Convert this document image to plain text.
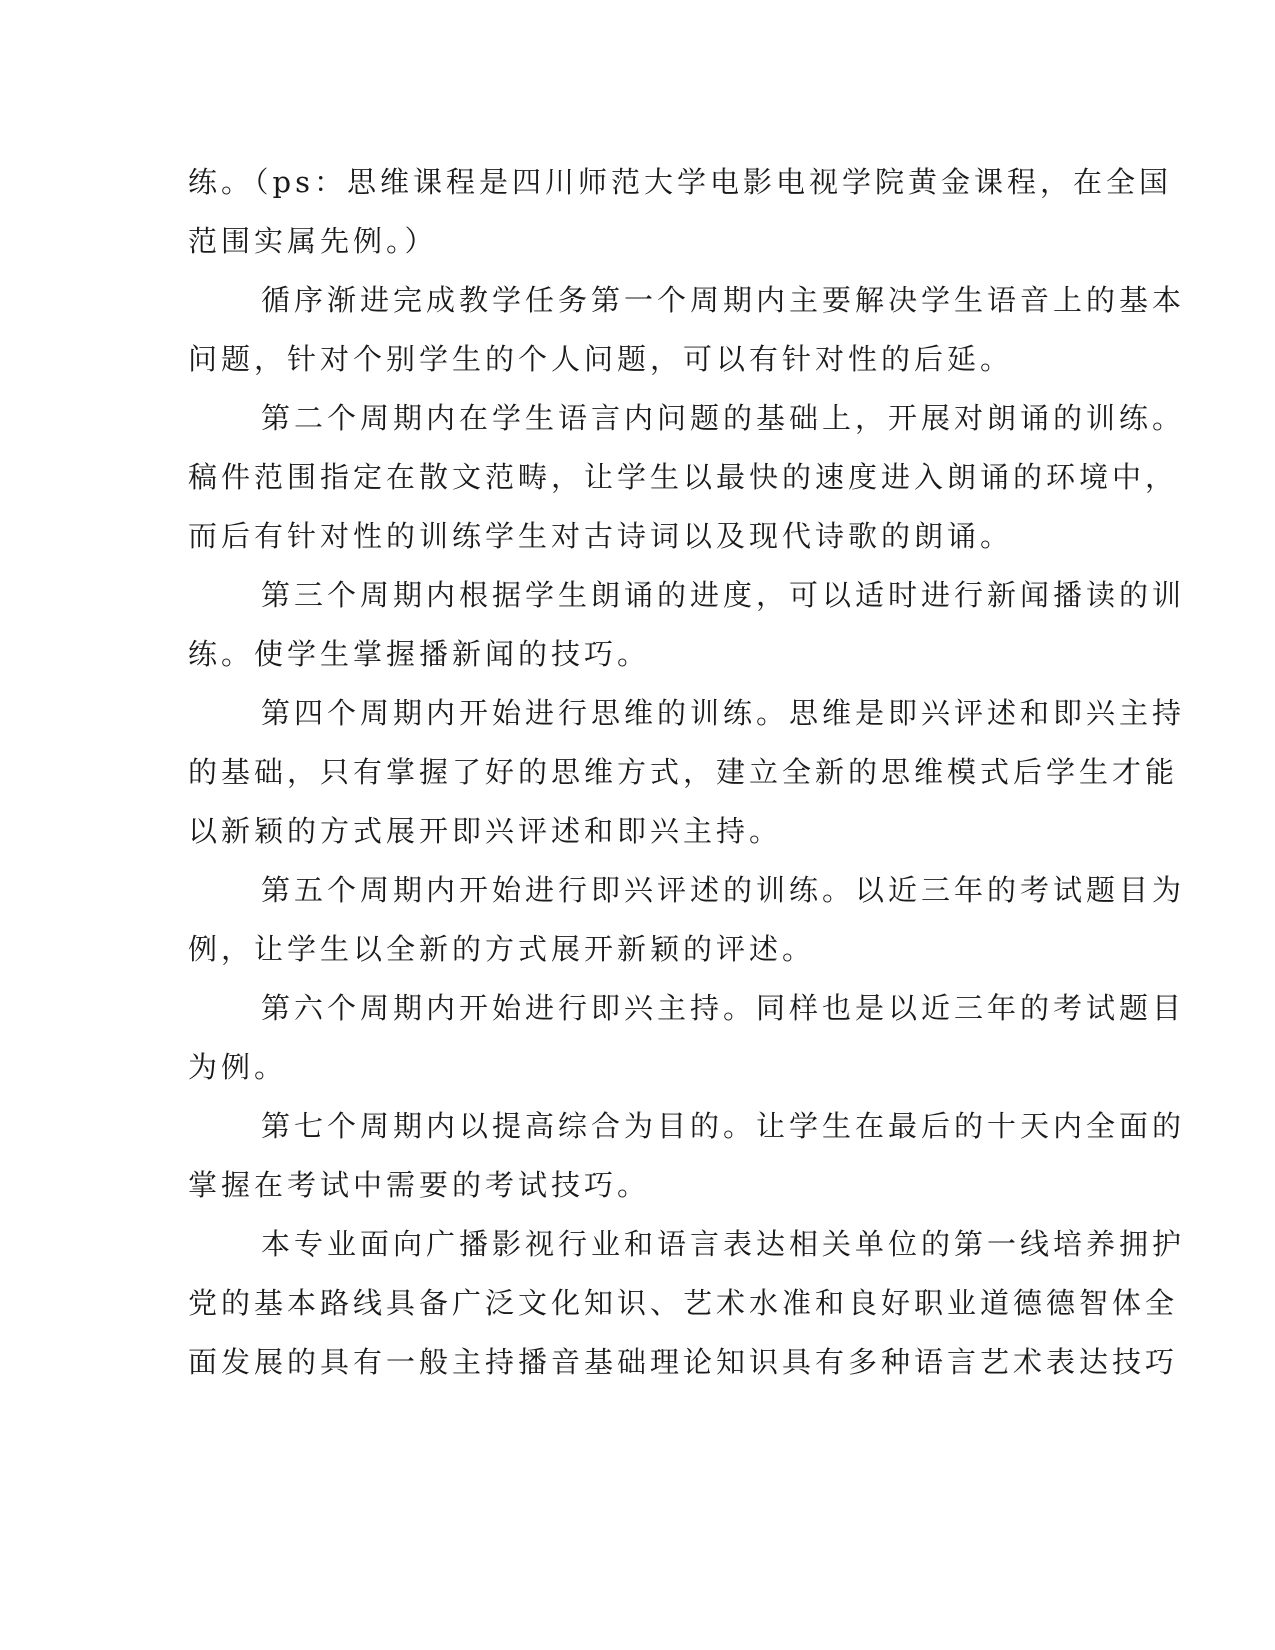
练。（ps：思维课程是四川师范大学电影电视学院黄金课程，在全国
范围实属先例。）
循序渐进完成教学任务第一个周期内主要解决学生语音上的基本
问题，针对个别学生的个人问题，可以有针对性的后延。
第二个周期内在学生语言内问题的基础上，开展对朗诵的训练。
稿件范围指定在散文范畴，让学生以最快的速度进入朗诵的环境中，
而后有针对性的训练学生对古诗词以及现代诗歌的朗诵。
第三个周期内根据学生朗诵的进度，可以适时进行新闻播读的训
练。使学生掌握播新闻的技巧。
第四个周期内开始进行思维的训练。思维是即兴评述和即兴主持
的基础，只有掌握了好的思维方式，建立全新的思维模式后学生才能
以新颖的方式展开即兴评述和即兴主持。
第五个周期内开始进行即兴评述的训练。以近三年的考试题目为
例，让学生以全新的方式展开新颖的评述。
第六个周期内开始进行即兴主持。同样也是以近三年的考试题目
为例。
第七个周期内以提高综合为目的。让学生在最后的十天内全面的
掌握在考试中需要的考试技巧。
本专业面向广播影视行业和语言表达相关单位的第一线培养拥护
党的基本路线具备广泛文化知识、艺术水准和良好职业道德德智体全
面发展的具有一般主持播音基础理论知识具有多种语言艺术表达技巧
